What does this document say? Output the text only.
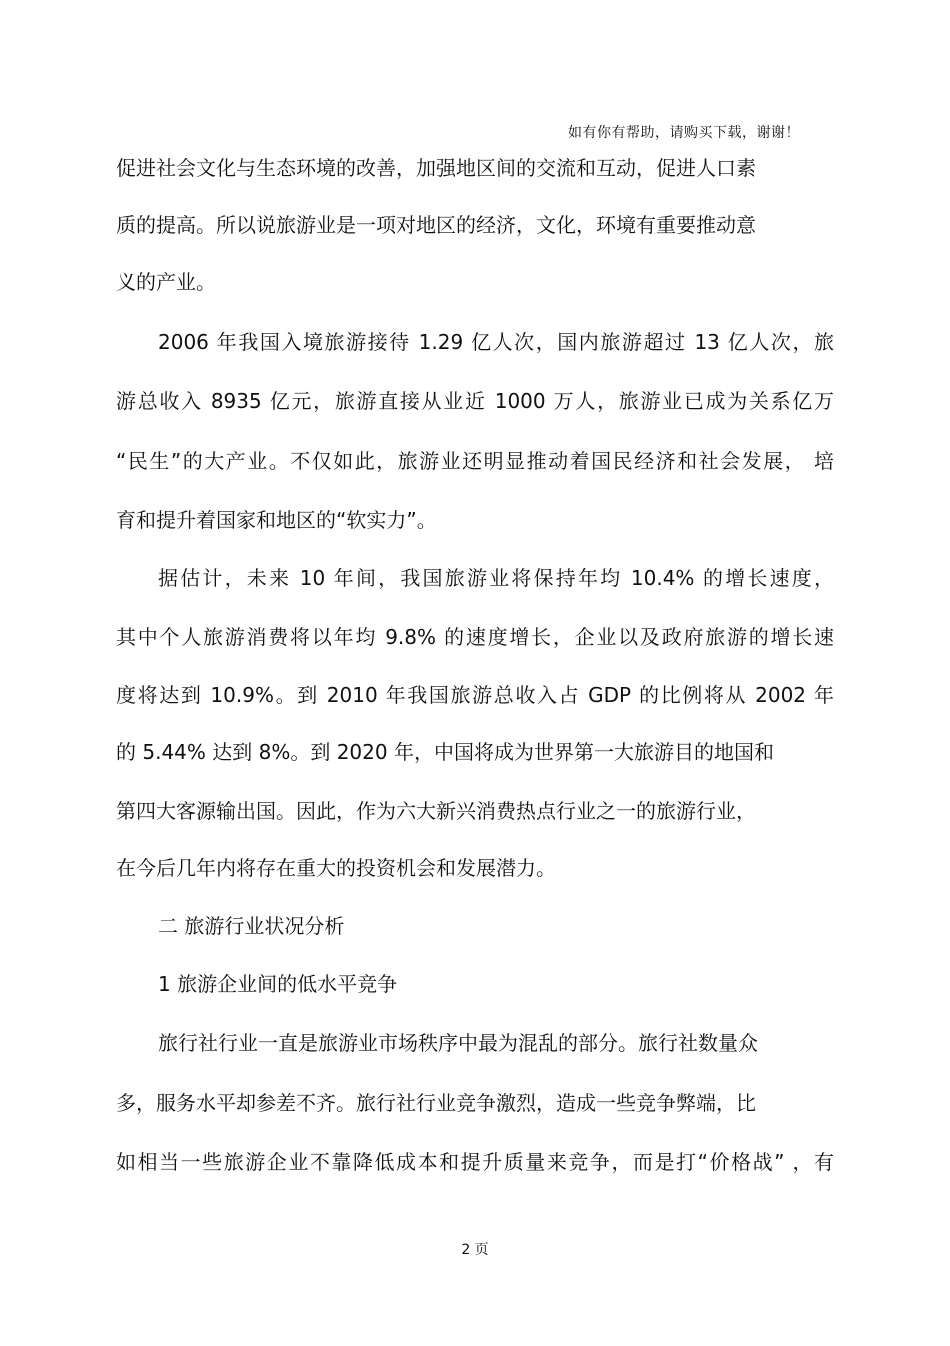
如有你有帮助，请购买下载，谢谢！
促进社会文化与生态环境的改善，加强地区间的交流和互动，促进人口素
质的提高。所以说旅游业是一项对地区的经济，文化，环境有重要推动意
义的产业。
2006 年我国入境旅游接待 1.29 亿人次，国内旅游超过 13 亿人次，旅
游总收入 8935 亿元，旅游直接从业近 1000 万人，旅游业已成为关系亿万
“民生”的大产业。不仅如此，旅游业还明显推动着国民经济和社会发展， 培
育和提升着国家和地区的“软实力”。
据估计，未来 10 年间，我国旅游业将保持年均 10.4% 的增长速度，
其中个人旅游消费将以年均 9.8% 的速度增长，企业以及政府旅游的增长速
度将达到 10.9%。到 2010 年我国旅游总收入占 GDP 的比例将从 2002 年
的 5.44% 达到 8%。到 2020 年，中国将成为世界第一大旅游目的地国和
第四大客源输出国。因此，作为六大新兴消费热点行业之一的旅游行业，
在今后几年内将存在重大的投资机会和发展潜力。
二 旅游行业状况分析
1 旅游企业间的低水平竞争
旅行社行业一直是旅游业市场秩序中最为混乱的部分。旅行社数量众
多，服务水平却参差不齐。旅行社行业竞争激烈，造成一些竞争弊端，比
如相当一些旅游企业不靠降低成本和提升质量来竞争，而是打“价格战” ，有
2 页
